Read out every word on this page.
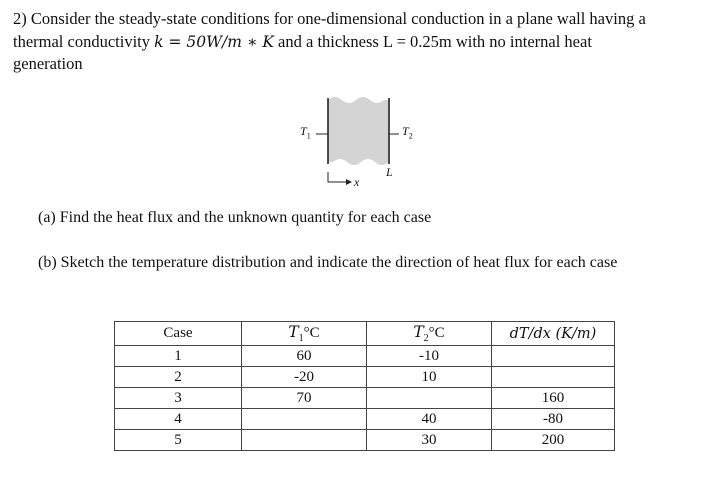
2) Consider the steady-state conditions for one-dimensional conduction in a plane wall having a
thermal conductivity k = 50W/m ∗ K and a thickness L = 0.25m with no internal heat
generation
$T_1$	$T_2$
x
L
(a) Find the heat flux and the unknown quantity for each case
(b) Sketch the temperature distribution and indicate the direction of heat flux for each case
Case	$T_1^\circ C$	$T_2^\circ C$	dT/dx (K/m)
1	60	-10	
2	-20	10	
3	70		160
4		40	-80
5		30	200
